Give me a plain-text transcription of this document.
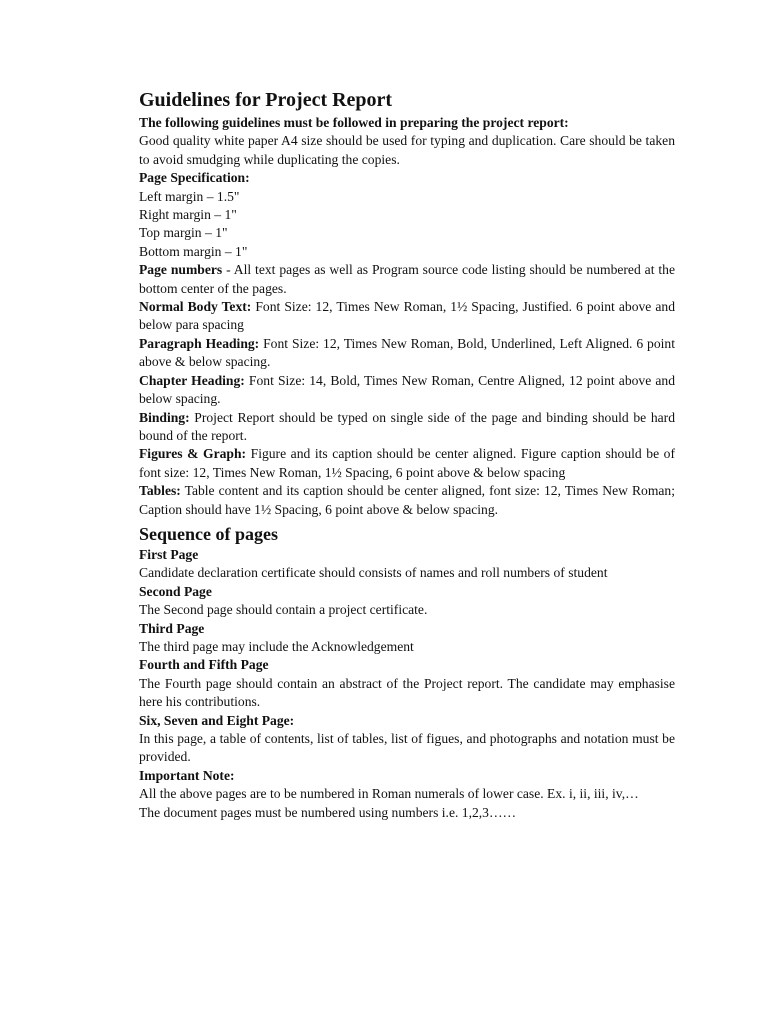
Guidelines for Project Report

The following guidelines must be followed in preparing the project report:

Good quality white paper A4 size should be used for typing and duplication. Care should be taken to avoid smudging while duplicating the copies.

Page Specification:

Left margin – 1.5"

Right margin – 1"

Top margin – 1"

Bottom margin – 1"

Page numbers - All text pages as well as Program source code listing should be numbered at the bottom center of the pages.

Normal Body Text: Font Size: 12, Times New Roman, 1½ Spacing, Justified. 6 point above and below para spacing

Paragraph Heading: Font Size: 12, Times New Roman, Bold, Underlined, Left Aligned. 6 point above & below spacing.

Chapter Heading: Font Size: 14, Bold, Times New Roman, Centre Aligned, 12 point above and below spacing.

Binding: Project Report should be typed on single side of the page and binding should be hard bound of the report.

Figures & Graph: Figure and its caption should be center aligned. Figure caption should be of font size: 12, Times New Roman, 1½ Spacing, 6 point above & below spacing

Tables: Table content and its caption should be center aligned, font size: 12, Times New Roman; Caption should have 1½ Spacing, 6 point above & below spacing.

Sequence of pages

First Page

Candidate declaration certificate should consists of names and roll numbers of student

Second Page

The Second page should contain a project certificate.

Third Page

The third page may include the Acknowledgement

Fourth and Fifth Page

The Fourth page should contain an abstract of the Project report. The candidate may emphasise here his contributions.

Six, Seven and Eight Page:

In this page, a table of contents, list of tables, list of figues, and photographs and notation must be provided.

Important Note:

All the above pages are to be numbered in Roman numerals of lower case. Ex. i, ii, iii, iv,…

The document pages must be numbered using numbers i.e. 1,2,3……
